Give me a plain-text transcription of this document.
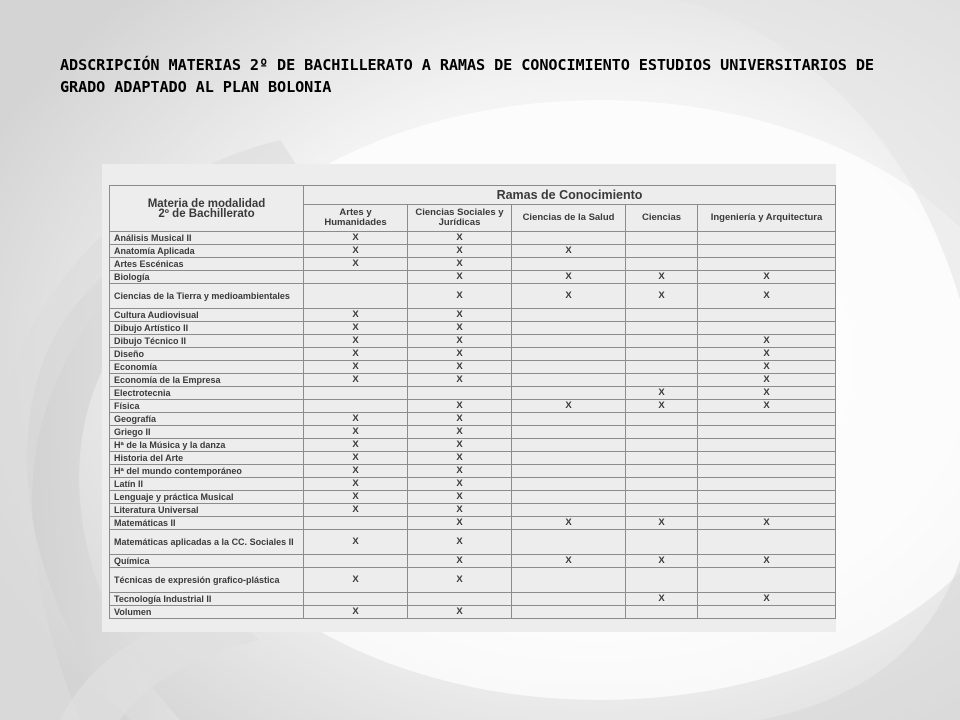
ADSCRIPCIÓN MATERIAS 2º DE BACHILLERATO A RAMAS DE CONOCIMIENTO ESTUDIOS UNIVERSITARIOS DE GRADO ADAPTADO AL PLAN BOLONIA
Materia de modalidad
2º de Bachillerato	Ramas de Conocimiento				
	Artes y Humanidades	Ciencias Sociales y Jurídicas	Ciencias de la Salud	Ciencias	Ingeniería y Arquitectura
Análisis Musical II	X	X			
Anatomía Aplicada	X	X	X		
Artes Escénicas	X	X			
Biología		X	X	X	X
Ciencias de la Tierra y medioambientales		X	X	X	X
Cultura Audiovisual	X	X			
Dibujo Artístico II	X	X			
Dibujo Técnico II	X	X			X
Diseño	X	X			X
Economía	X	X			X
Economía de la Empresa	X	X			X
Electrotecnia				X	X
Física		X	X	X	X
Geografía	X	X			
Griego II	X	X			
Hª de la Música y la danza	X	X			
Historia del Arte	X	X			
Hª del mundo contemporáneo	X	X			
Latín II	X	X			
Lenguaje y práctica Musical	X	X			
Literatura Universal	X	X			
Matemáticas II		X	X	X	X
Matemáticas aplicadas a la CC. Sociales II	X	X			
Química		X	X	X	X
Técnicas de expresión grafico-plástica	X	X			
Tecnología Industrial II				X	X
Volumen	X	X			
